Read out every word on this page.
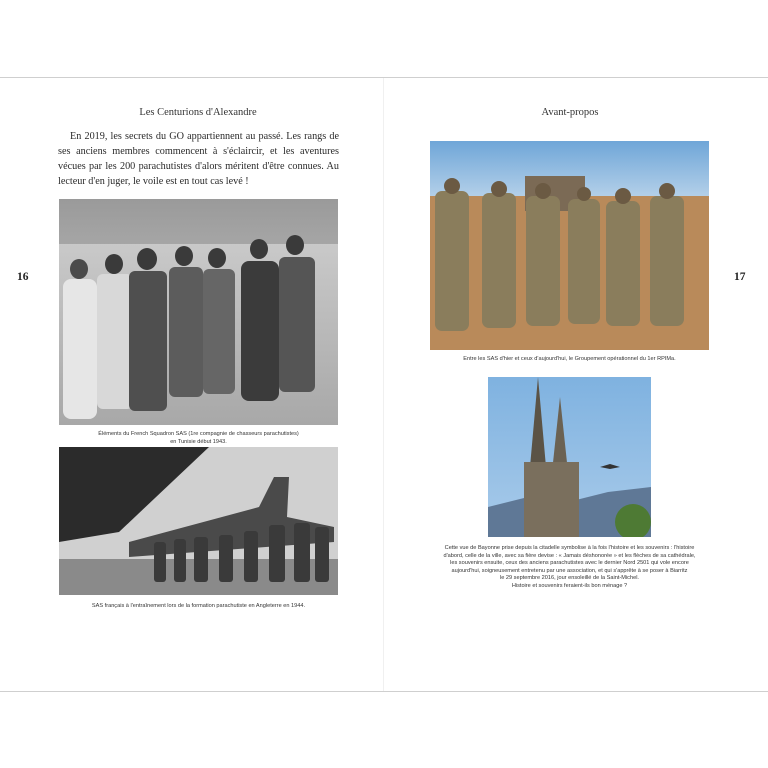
Les Centurions d'Alexandre
16
En 2019, les secrets du GO appartiennent au passé. Les rangs de ses anciens membres commencent à s'éclaircir, et les aventures vécues par les 200 parachutistes d'alors méritent d'être connues. Au lecteur d'en juger, le voile est en tout cas levé !
Éléments du French Squadron SAS (1re compagnie de chasseurs parachutistes)
en Tunisie début 1943.
SAS français à l'entraînement lors de la formation parachutiste en Angleterre en 1944.
Avant-propos
17
Entre les SAS d'hier et ceux d'aujourd'hui, le Groupement opérationnel du 1er RPIMa.
Cette vue de Bayonne prise depuis la citadelle symbolise à la fois l'histoire et les souvenirs : l'histoire
d'abord, celle de la ville, avec sa fière devise : « Jamais déshonorée » et les flèches de sa cathédrale,
les souvenirs ensuite, ceux des anciens parachutistes avec le dernier Nord 2501 qui vole encore
aujourd'hui, soigneusement entretenu par une association, et qui s'apprête à se poser à Biarritz
le 29 septembre 2016, jour ensoleillé de la Saint-Michel.
Histoire et souvenirs feraient-ils bon ménage ?
